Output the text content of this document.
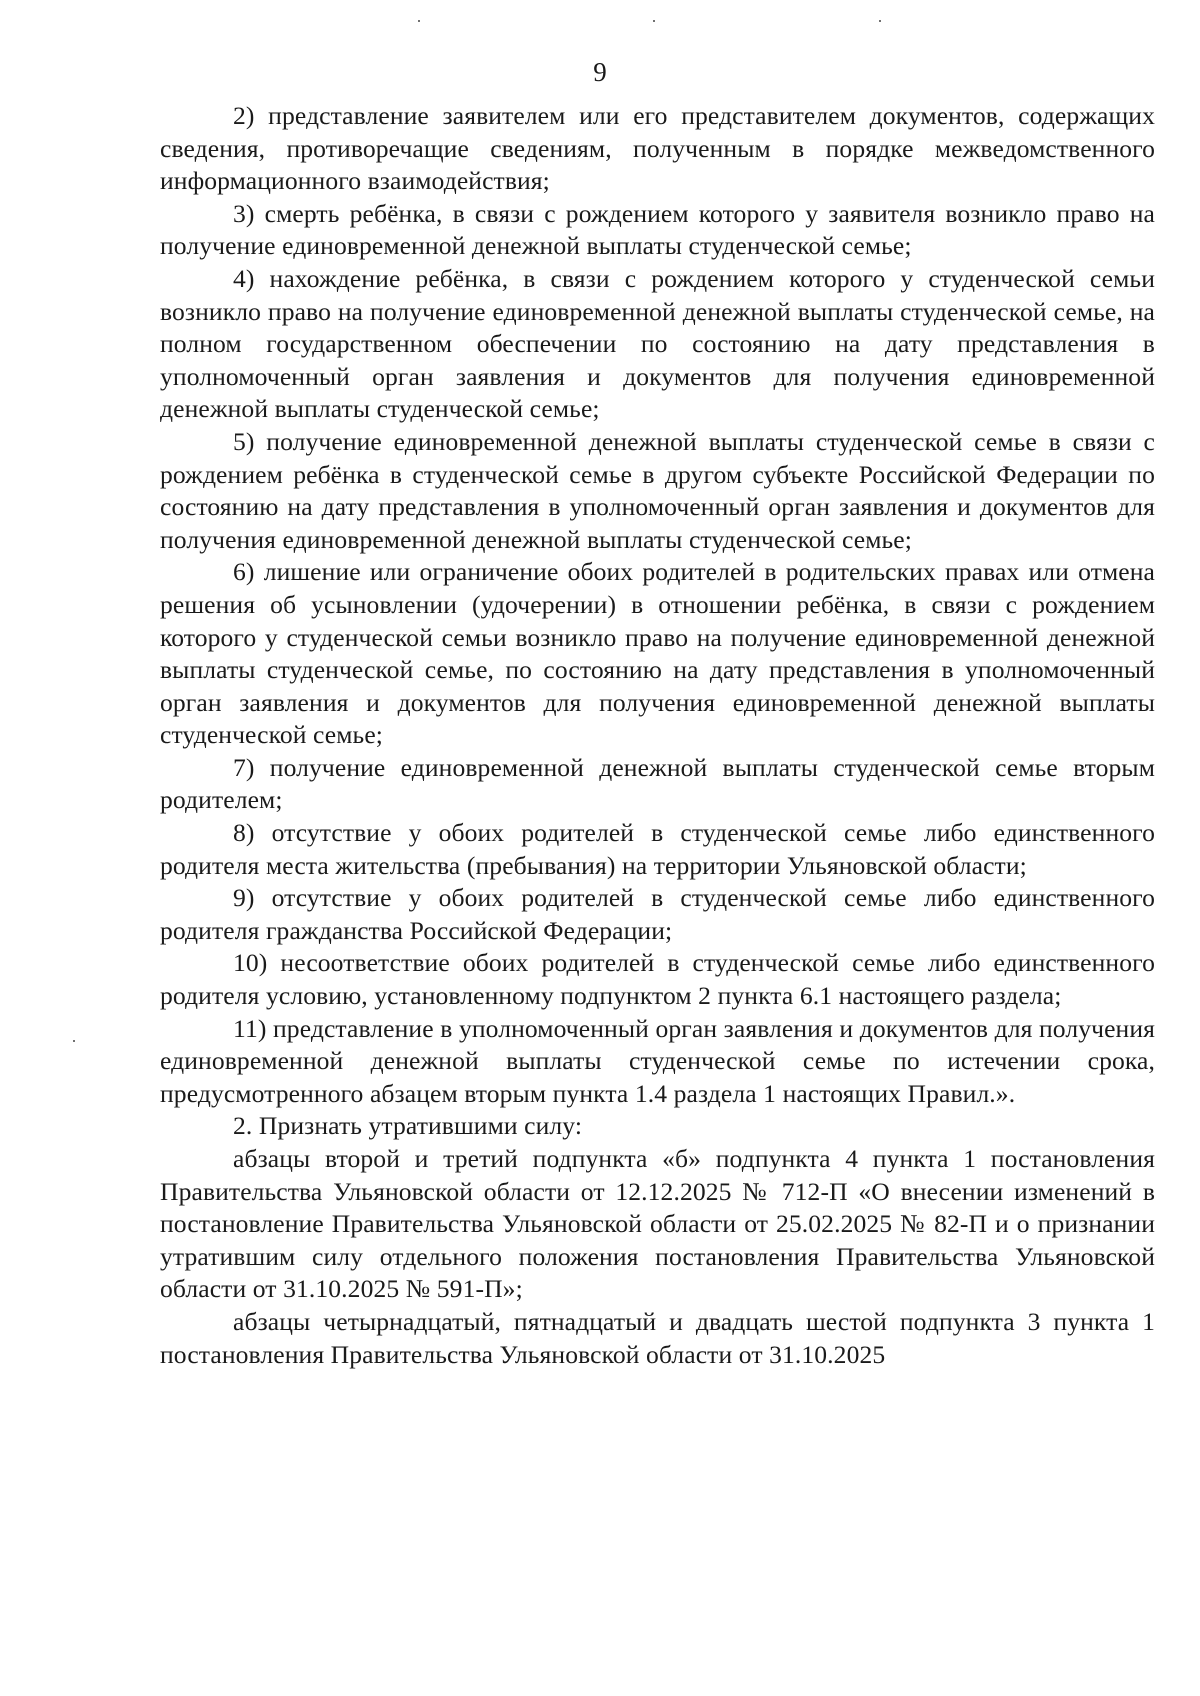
9

2) представление заявителем или его представителем документов, содержащих сведения, противоречащие сведениям, полученным в порядке межведомственного информационного взаимодействия;

3) смерть ребёнка, в связи с рождением которого у заявителя возникло право на получение единовременной денежной выплаты студенческой семье;

4) нахождение ребёнка, в связи с рождением которого у студенческой семьи возникло право на получение единовременной денежной выплаты студенческой семье, на полном государственном обеспечении по состоянию на дату представления в уполномоченный орган заявления и документов для получения единовременной денежной выплаты студенческой семье;

5) получение единовременной денежной выплаты студенческой семье в связи с рождением ребёнка в студенческой семье в другом субъекте Российской Федерации по состоянию на дату представления в уполномоченный орган заявления и документов для получения единовременной денежной выплаты студенческой семье;

6) лишение или ограничение обоих родителей в родительских правах или отмена решения об усыновлении (удочерении) в отношении ребёнка, в связи с рождением которого у студенческой семьи возникло право на получение единовременной денежной выплаты студенческой семье, по состоянию на дату представления в уполномоченный орган заявления и документов для получения единовременной денежной выплаты студенческой семье;

7) получение единовременной денежной выплаты студенческой семье вторым родителем;

8) отсутствие у обоих родителей в студенческой семье либо единственного родителя места жительства (пребывания) на территории Ульяновской области;

9) отсутствие у обоих родителей в студенческой семье либо единственного родителя гражданства Российской Федерации;

10) несоответствие обоих родителей в студенческой семье либо единственного родителя условию, установленному подпунктом 2 пункта 6.1 настоящего раздела;

11) представление в уполномоченный орган заявления и документов для получения единовременной денежной выплаты студенческой семье по истечении срока, предусмотренного абзацем вторым пункта 1.4 раздела 1 настоящих Правил.».

2. Признать утратившими силу:

абзацы второй и третий подпункта «б» подпункта 4 пункта 1 постановления Правительства Ульяновской области от 12.12.2025 № 712-П «О внесении изменений в постановление Правительства Ульяновской области от 25.02.2025 № 82-П и о признании утратившим силу отдельного положения постановления Правительства Ульяновской области от 31.10.2025 № 591-П»;

абзацы четырнадцатый, пятнадцатый и двадцать шестой подпункта 3 пункта 1 постановления Правительства Ульяновской области от 31.10.2025
